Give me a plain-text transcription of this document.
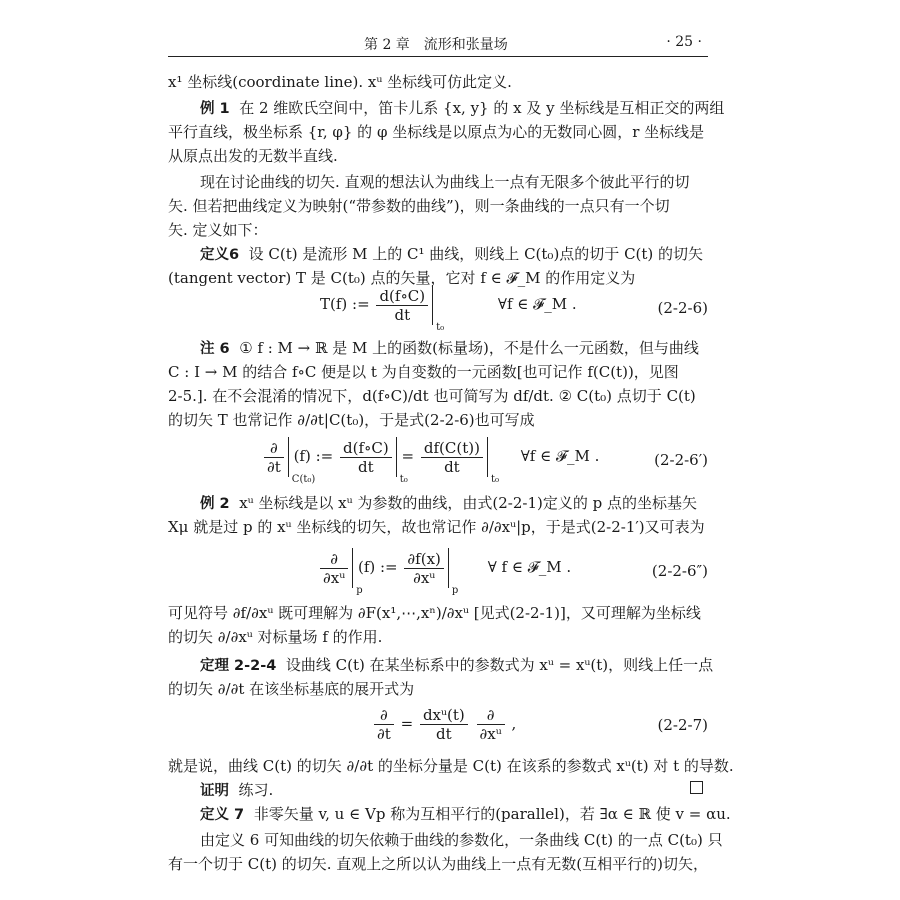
第 2 章　流形和张量场	· 25 ·
x¹ 坐标线(coordinate line). xᵘ 坐标线可仿此定义.
例 1 在 2 维欧氏空间中，笛卡儿系 {x, y} 的 x 及 y 坐标线是互相正交的两组
平行直线，极坐标系 {r, φ} 的 φ 坐标线是以原点为心的无数同心圆，r 坐标线是
从原点出发的无数半直线.
现在讨论曲线的切矢. 直观的想法认为曲线上一点有无限多个彼此平行的切
矢. 但若把曲线定义为映射(“带参数的曲线”)，则一条曲线的一点只有一个切
矢. 定义如下：
定义6 设 C(t) 是流形 M 上的 C¹ 曲线，则线上 C(t₀)点的切于 C(t) 的切矢
(tangent vector) T 是 C(t₀) 点的矢量，它对 f ∈ 𝓕_M 的作用定义为
T(f) := $\frac{d(f\circ C)}{dt}$
t₀
∀f ∈ 𝓕_M .	(2-2-6)
注 6 ① f : M → ℝ 是 M 上的函数(标量场)，不是什么一元函数，但与曲线
C : I → M 的结合 f∘C 便是以 t 为自变数的一元函数[也可记作 f(C(t))，见图
2-5.]. 在不会混淆的情况下，d(f∘C)/dt 也可简写为 df/dt. ② C(t₀) 点切于 C(t)
的切矢 T 也常记作 ∂/∂t|C(t₀)，于是式(2-2-6)也可写成
$\frac{\partial}{\partial t}$
C(t₀)
(f) := $\frac{d(f\circ C)}{dt}$
t₀
= $\frac{df(C(t))}{dt}$
t₀
∀f ∈ 𝓕_M .	(2-2-6′)
例 2 xᵘ 坐标线是以 xᵘ 为参数的曲线，由式(2-2-1)定义的 p 点的坐标基矢
Xμ 就是过 p 的 xᵘ 坐标线的切矢，故也常记作 ∂/∂xᵘ|p，于是式(2-2-1′)又可表为
$\frac{\partial}{\text{∂xᵘ}}$
p
(f) := $\frac{\partial f(x)}{\text{∂xᵘ}}$
p
∀ f ∈ 𝓕_M .	(2-2-6″)
可见符号 ∂f/∂xᵘ 既可理解为 ∂F(x¹,⋯,xⁿ)/∂xᵘ [见式(2-2-1)]，又可理解为坐标线
的切矢 ∂/∂xᵘ 对标量场 f 的作用.
定理 2-2-4 设曲线 C(t) 在某坐标系中的参数式为 xᵘ = xᵘ(t)，则线上任一点
的切矢 ∂/∂t 在该坐标基底的展开式为
$\frac{\partial}{\partial t} = \frac{\text{dxᵘ(t)}}{dt}$
$\frac{\partial}{\text{∂xᵘ}}$ ,	(2-2-7)
就是说，曲线 C(t) 的切矢 ∂/∂t 的坐标分量是 C(t) 在该系的参数式 xᵘ(t) 对 t 的导数.
证明 练习.
定义 7 非零矢量 v, u ∈ Vp 称为互相平行的(parallel)，若 ∃α ∈ ℝ 使 v = αu.
由定义 6 可知曲线的切矢依赖于曲线的参数化，一条曲线 C(t) 的一点 C(t₀) 只
有一个切于 C(t) 的切矢. 直观上之所以认为曲线上一点有无数(互相平行的)切矢，
